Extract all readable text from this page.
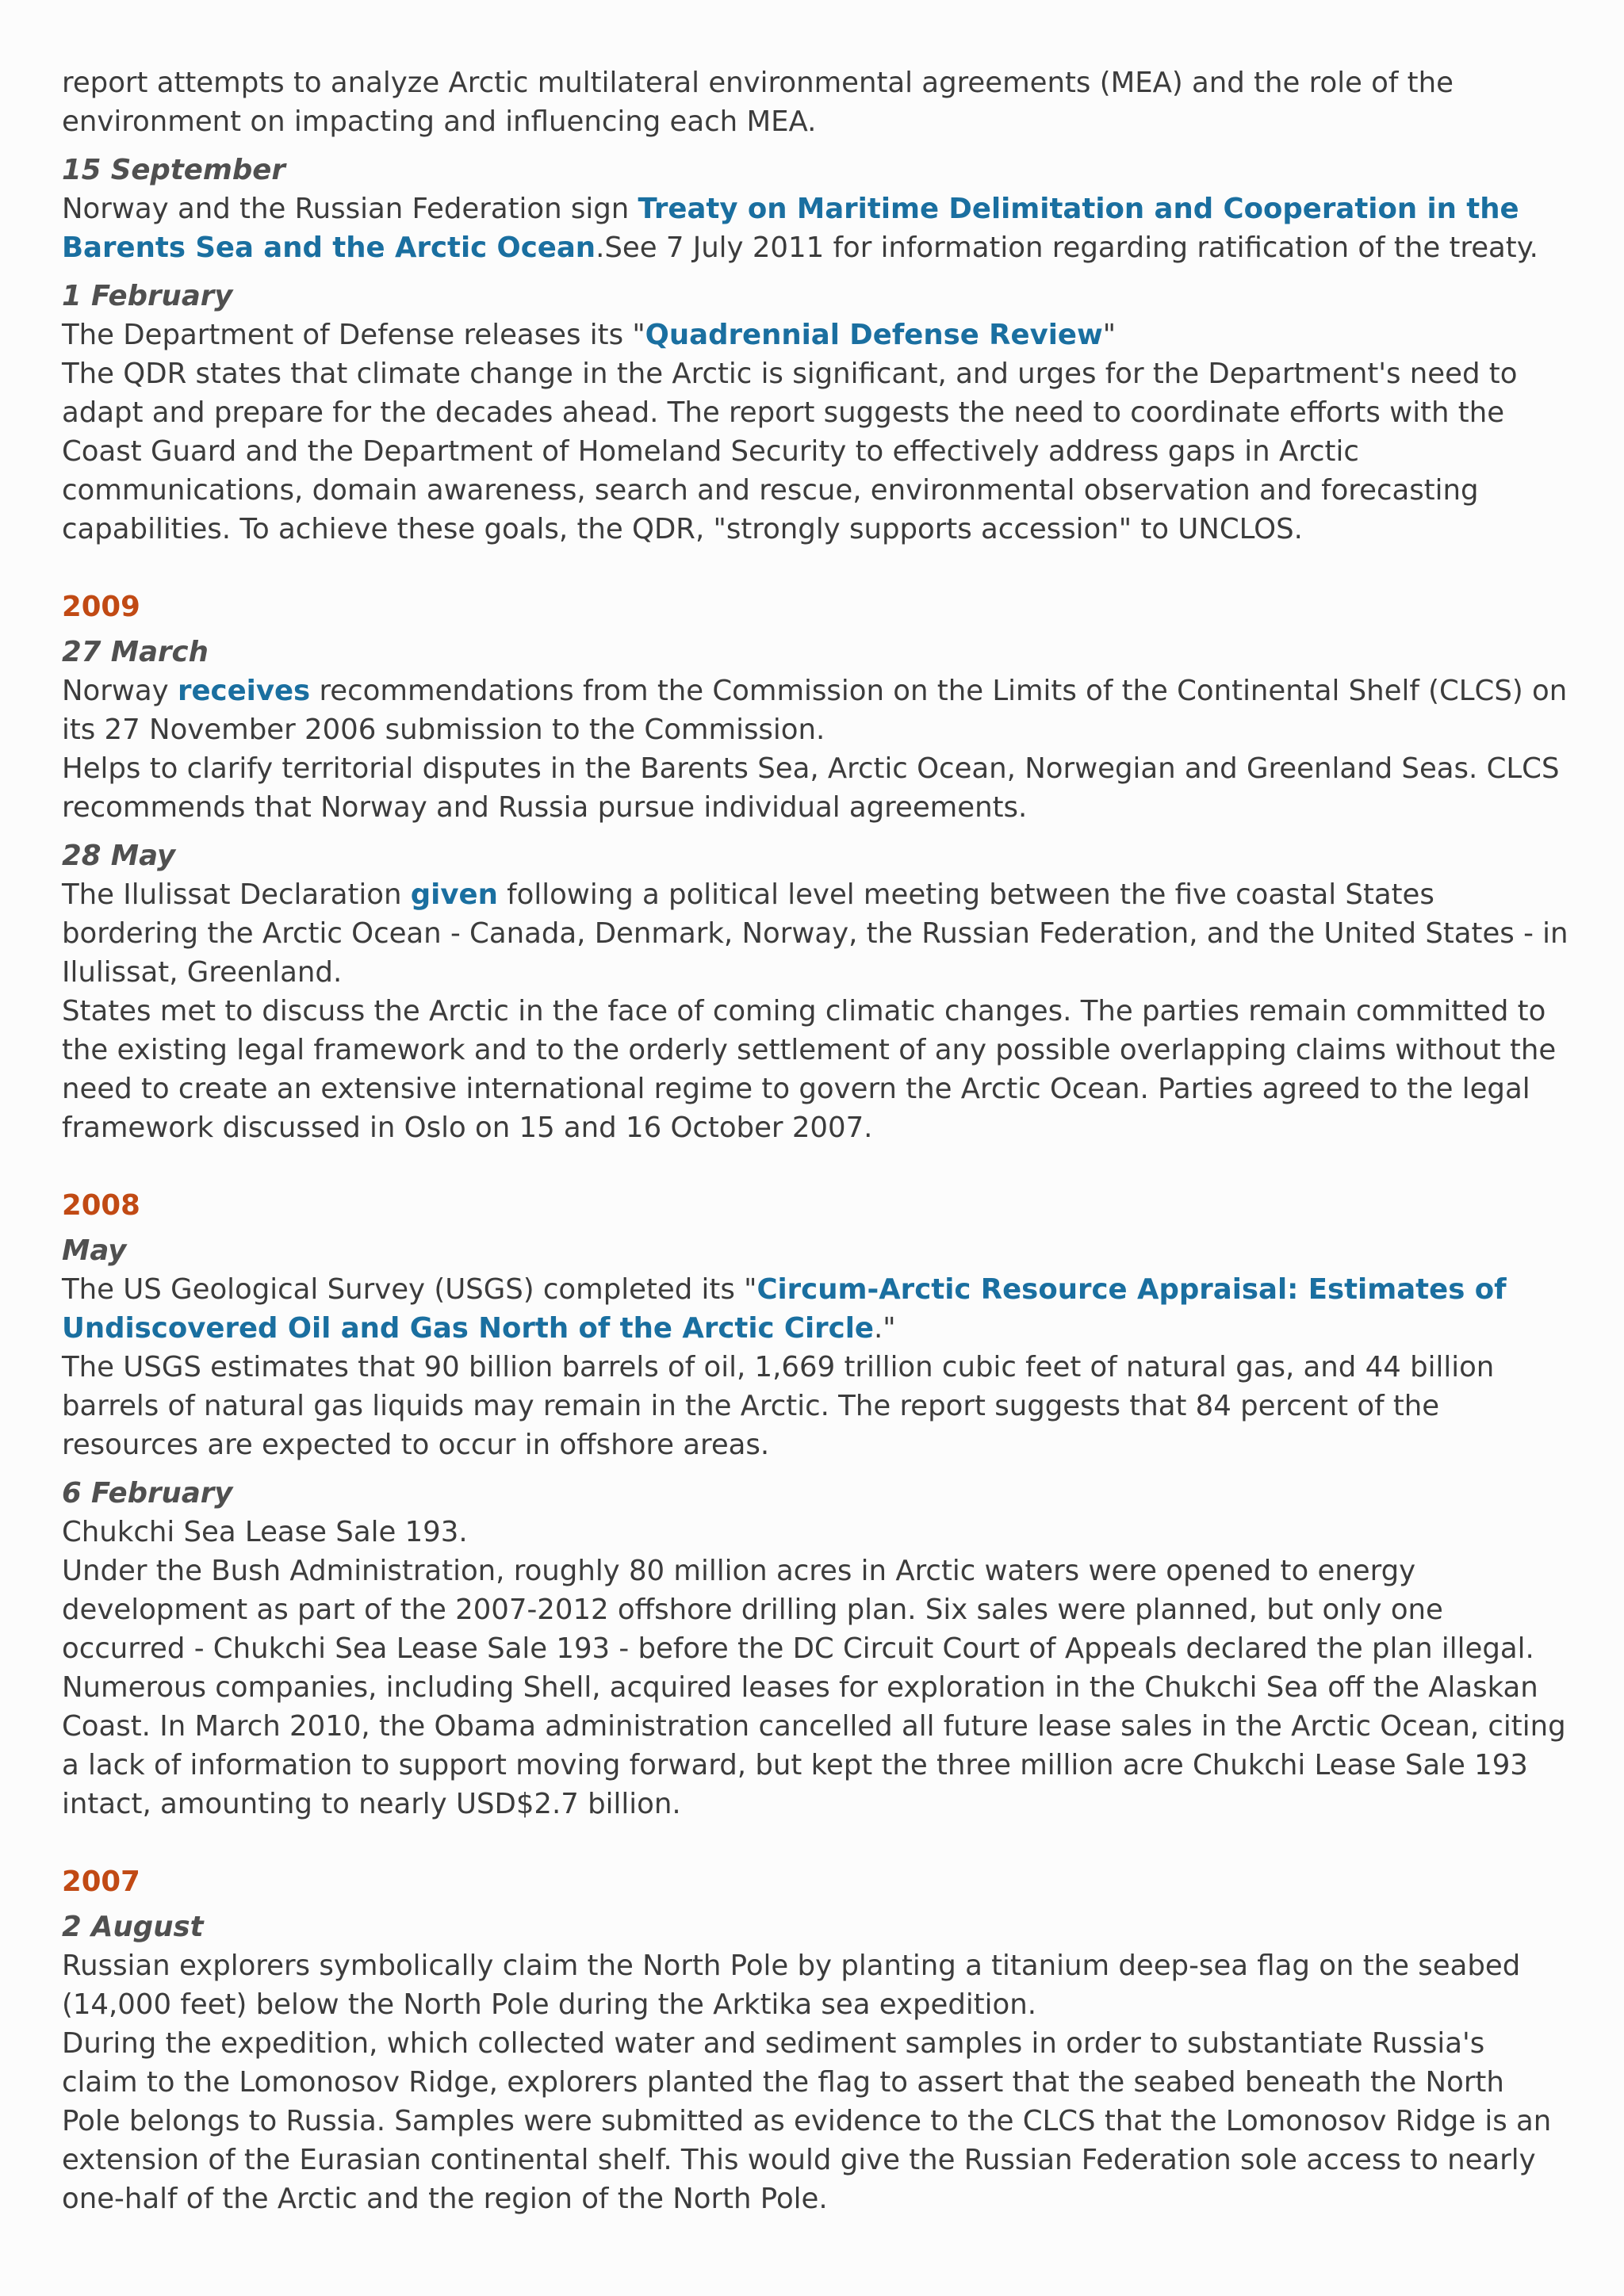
report attempts to analyze Arctic multilateral environmental agreements (MEA) and the role of the environment on impacting and influencing each MEA.

15 September

Norway and the Russian Federation sign Treaty on Maritime Delimitation and Cooperation in the Barents Sea and the Arctic Ocean.See 7 July 2011 for information regarding ratification of the treaty.

1 February

The Department of Defense releases its "Quadrennial Defense Review"

The QDR states that climate change in the Arctic is significant, and urges for the Department's need to adapt and prepare for the decades ahead. The report suggests the need to coordinate efforts with the Coast Guard and the Department of Homeland Security to effectively address gaps in Arctic communications, domain awareness, search and rescue, environmental observation and forecasting capabilities. To achieve these goals, the QDR, "strongly supports accession" to UNCLOS.

2009

27 March

Norway receives recommendations from the Commission on the Limits of the Continental Shelf (CLCS) on its 27 November 2006 submission to the Commission.

Helps to clarify territorial disputes in the Barents Sea, Arctic Ocean, Norwegian and Greenland Seas. CLCS recommends that Norway and Russia pursue individual agreements.

28 May

The Ilulissat Declaration given following a political level meeting between the five coastal States bordering the Arctic Ocean - Canada, Denmark, Norway, the Russian Federation, and the United States - in Ilulissat, Greenland.

States met to discuss the Arctic in the face of coming climatic changes. The parties remain committed to the existing legal framework and to the orderly settlement of any possible overlapping claims without the need to create an extensive international regime to govern the Arctic Ocean. Parties agreed to the legal framework discussed in Oslo on 15 and 16 October 2007.

2008

May

The US Geological Survey (USGS) completed its "Circum-Arctic Resource Appraisal: Estimates of Undiscovered Oil and Gas North of the Arctic Circle."

The USGS estimates that 90 billion barrels of oil, 1,669 trillion cubic feet of natural gas, and 44 billion barrels of natural gas liquids may remain in the Arctic. The report suggests that 84 percent of the resources are expected to occur in offshore areas.

6 February

Chukchi Sea Lease Sale 193.

Under the Bush Administration, roughly 80 million acres in Arctic waters were opened to energy development as part of the 2007-2012 offshore drilling plan. Six sales were planned, but only one occurred - Chukchi Sea Lease Sale 193 - before the DC Circuit Court of Appeals declared the plan illegal. Numerous companies, including Shell, acquired leases for exploration in the Chukchi Sea off the Alaskan Coast. In March 2010, the Obama administration cancelled all future lease sales in the Arctic Ocean, citing a lack of information to support moving forward, but kept the three million acre Chukchi Lease Sale 193 intact, amounting to nearly USD$2.7 billion.

2007

2 August

Russian explorers symbolically claim the North Pole by planting a titanium deep-sea flag on the seabed (14,000 feet) below the North Pole during the Arktika sea expedition.

During the expedition, which collected water and sediment samples in order to substantiate Russia's claim to the Lomonosov Ridge, explorers planted the flag to assert that the seabed beneath the North Pole belongs to Russia. Samples were submitted as evidence to the CLCS that the Lomonosov Ridge is an extension of the Eurasian continental shelf. This would give the Russian Federation sole access to nearly one-half of the Arctic and the region of the North Pole.
